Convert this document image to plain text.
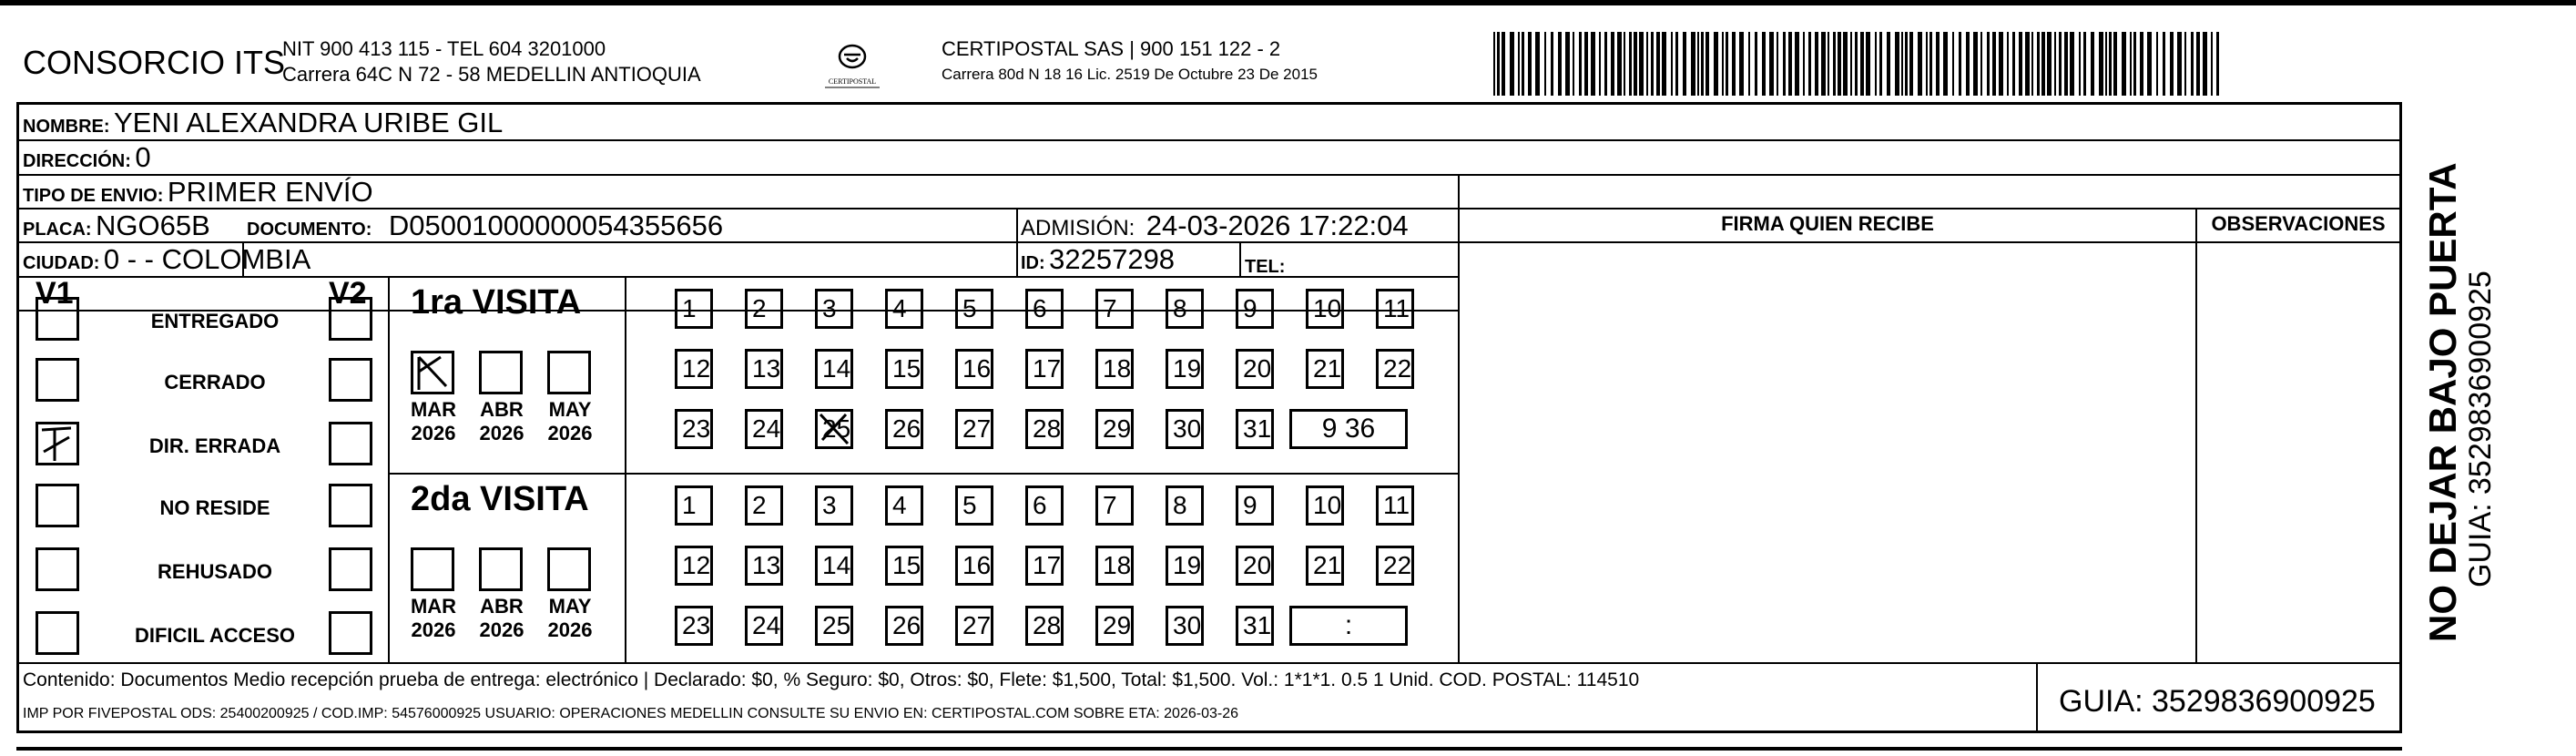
CONSORCIO ITS
NIT 900 413 115 - TEL 604 3201000
Carrera 64C N 72 - 58 MEDELLIN ANTIOQUIA	CERTIPOSTAL
CERTIPOSTAL SAS | 900 151 122 - 2
Carrera 80d N 18 16 Lic. 2519 De Octubre 23 De 2015
NOMBRE: YENI ALEXANDRA URIBE GIL
DIRECCIÓN: 0
TIPO DE ENVIO: PRIMER ENVÍO
PLACA: NGO65B DOCUMENTO: D05001000000054355656	ADMISIÓN: 24-03-2026 17:22:04
CIUDAD: 0 - - COLOMBIA	ID: 32257298	TEL:
FIRMA QUIEN RECIBE	OBSERVACIONES
V1	V2
ENTREGADO
CERRADO
DIR. ERRADA
NO RESIDE
REHUSADO
DIFICIL ACCESO
1ra VISITA
MAR
2026
ABR
2026
MAY
2026
1	2	3	4	5	6	7	8	9	10 11
12 13 14 15 16 17 18 19 20 21 22
23 24 25 26 27 28 29 30 31	9 36
2da VISITA
MAR
2026
ABR
2026
MAY
2026
1	2	3	4	5	6	7	8	9	10 11
12 13 14 15 16 17 18 19 20 21 22
23 24 25 26 27 28 29 30 31	:
Contenido: Documentos Medio recepción prueba de entrega: electrónico | Declarado: $0, % Seguro: $0, Otros: $0, Flete: $1,500, Total: $1,500. Vol.: 1*1*1. 0.5 1 Unid. COD. POSTAL: 114510
IMP POR FIVEPOSTAL ODS: 25400200925 / COD.IMP: 54576000925 USUARIO: OPERACIONES MEDELLIN CONSULTE SU ENVIO EN: CERTIPOSTAL.COM SOBRE ETA: 2026-03-26	GUIA: 3529836900925
NO DEJAR BAJO PUERTA GUIA: 3529836900925
